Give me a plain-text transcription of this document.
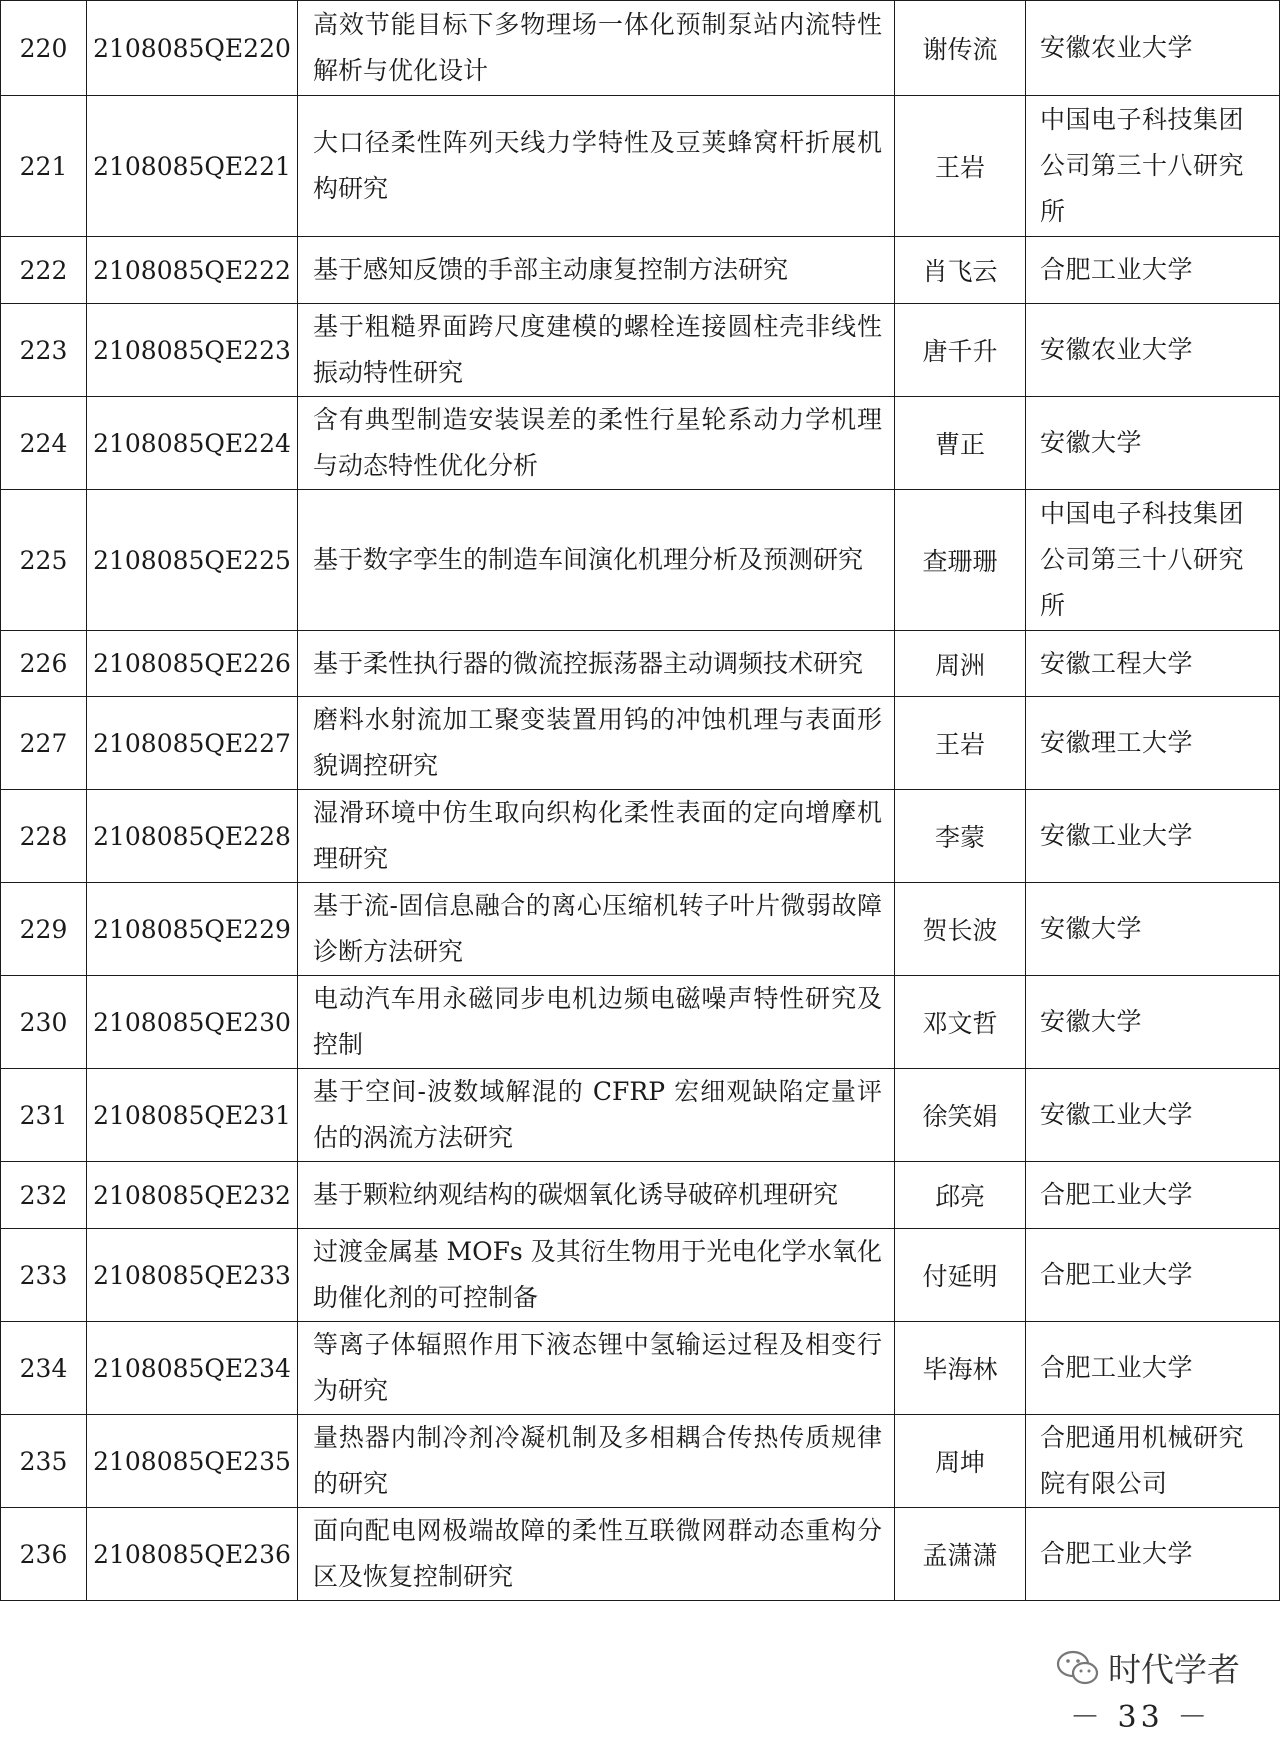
220	2108085QE220	高效节能目标下多物理场一体化预制泵站内流特性解析与优化设计	谢传流	安徽农业大学
221	2108085QE221	大口径柔性阵列天线力学特性及豆荚蜂窝杆折展机构研究	王岩	中国电子科技集团公司第三十八研究所
222	2108085QE222	基于感知反馈的手部主动康复控制方法研究	肖飞云	合肥工业大学
223	2108085QE223	基于粗糙界面跨尺度建模的螺栓连接圆柱壳非线性振动特性研究	唐千升	安徽农业大学
224	2108085QE224	含有典型制造安装误差的柔性行星轮系动力学机理与动态特性优化分析	曹正	安徽大学
225	2108085QE225	基于数字孪生的制造车间演化机理分析及预测研究	查珊珊	中国电子科技集团公司第三十八研究所
226	2108085QE226	基于柔性执行器的微流控振荡器主动调频技术研究	周洲	安徽工程大学
227	2108085QE227	磨料水射流加工聚变装置用钨的冲蚀机理与表面形貌调控研究	王岩	安徽理工大学
228	2108085QE228	湿滑环境中仿生取向织构化柔性表面的定向增摩机理研究	李蒙	安徽工业大学
229	2108085QE229	基于流-固信息融合的离心压缩机转子叶片微弱故障诊断方法研究	贺长波	安徽大学
230	2108085QE230	电动汽车用永磁同步电机边频电磁噪声特性研究及控制	邓文哲	安徽大学
231	2108085QE231	基于空间-波数域解混的 CFRP 宏细观缺陷定量评估的涡流方法研究	徐笑娟	安徽工业大学
232	2108085QE232	基于颗粒纳观结构的碳烟氧化诱导破碎机理研究	邱亮	合肥工业大学
233	2108085QE233	过渡金属基 MOFs 及其衍生物用于光电化学水氧化助催化剂的可控制备	付延明	合肥工业大学
234	2108085QE234	等离子体辐照作用下液态锂中氢输运过程及相变行为研究	毕海林	合肥工业大学
235	2108085QE235	量热器内制冷剂冷凝机制及多相耦合传热传质规律的研究	周坤	合肥通用机械研究院有限公司
236	2108085QE236	面向配电网极端故障的柔性互联微网群动态重构分区及恢复控制研究	孟潇潇	合肥工业大学
时代学者
－ 33 －
